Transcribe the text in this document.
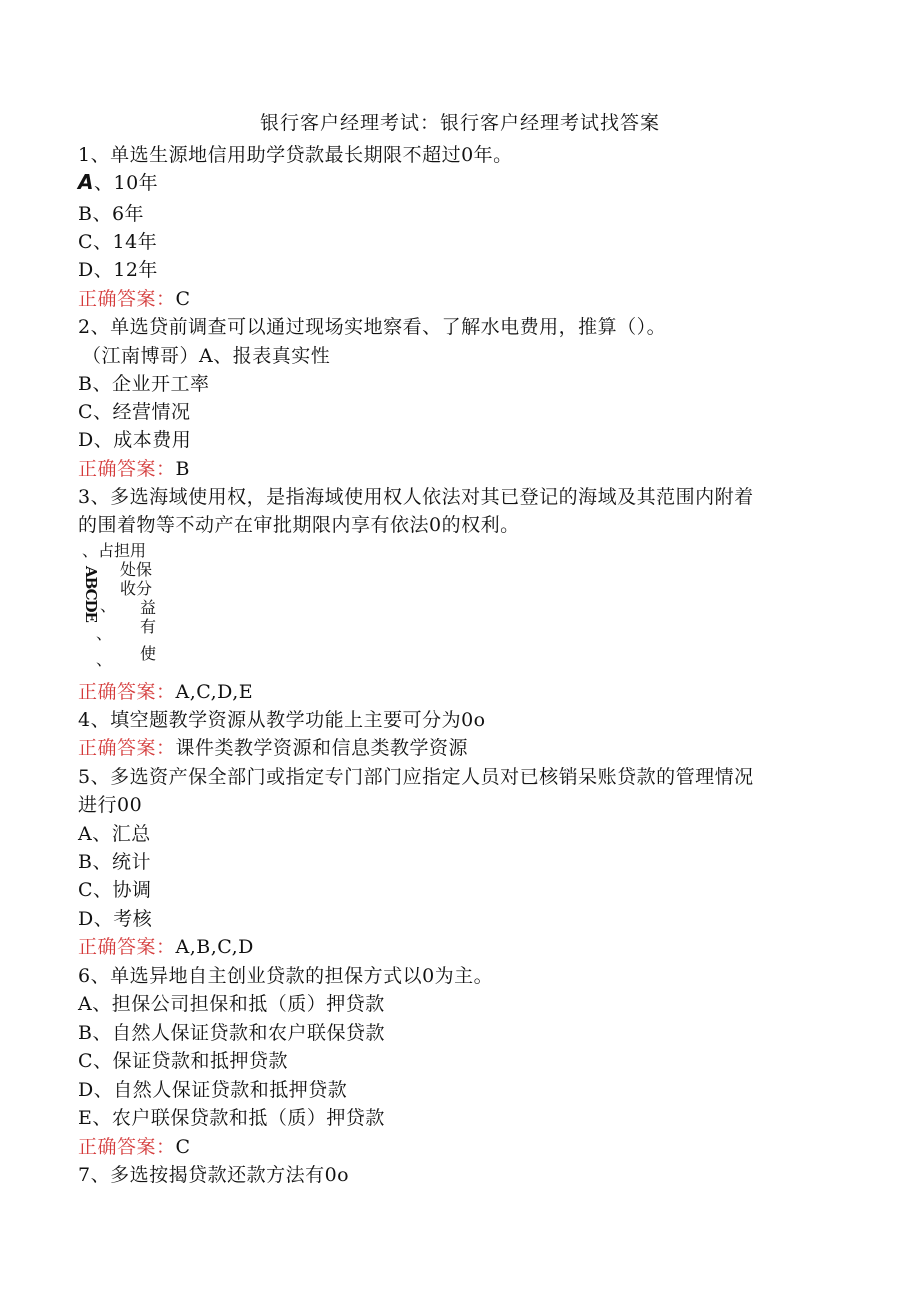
银行客户经理考试：银行客户经理考试找答案
1、单选生源地信用助学贷款最长期限不超过0年。
A、10年
B、6年
C、14年
D、12年
正确答案：C
2、单选贷前调查可以通过现场实地察看、了解水电费用，推算（）。
（江南博哥）A、报表真实性
B、企业开工率
C、经营情况
D、成本费用
正确答案：B
3、多选海域使用权，是指海域使用权人依法对其已登记的海域及其范围内附着
的围着物等不动产在审批期限内享有依法0的权利。
ABCDE
、占担用
处保
收分
益
有
使
、
、
、
正确答案：A,C,D,E
4、填空题教学资源从教学功能上主要可分为0o
正确答案：课件类教学资源和信息类教学资源
5、多选资产保全部门或指定专门部门应指定人员对已核销呆账贷款的管理情况
进行00
A、汇总
B、统计
C、协调
D、考核
正确答案：A,B,C,D
6、单选异地自主创业贷款的担保方式以0为主。
A、担保公司担保和抵（质）押贷款
B、自然人保证贷款和农户联保贷款
C、保证贷款和抵押贷款
D、自然人保证贷款和抵押贷款
E、农户联保贷款和抵（质）押贷款
正确答案：C
7、多选按揭贷款还款方法有0o
